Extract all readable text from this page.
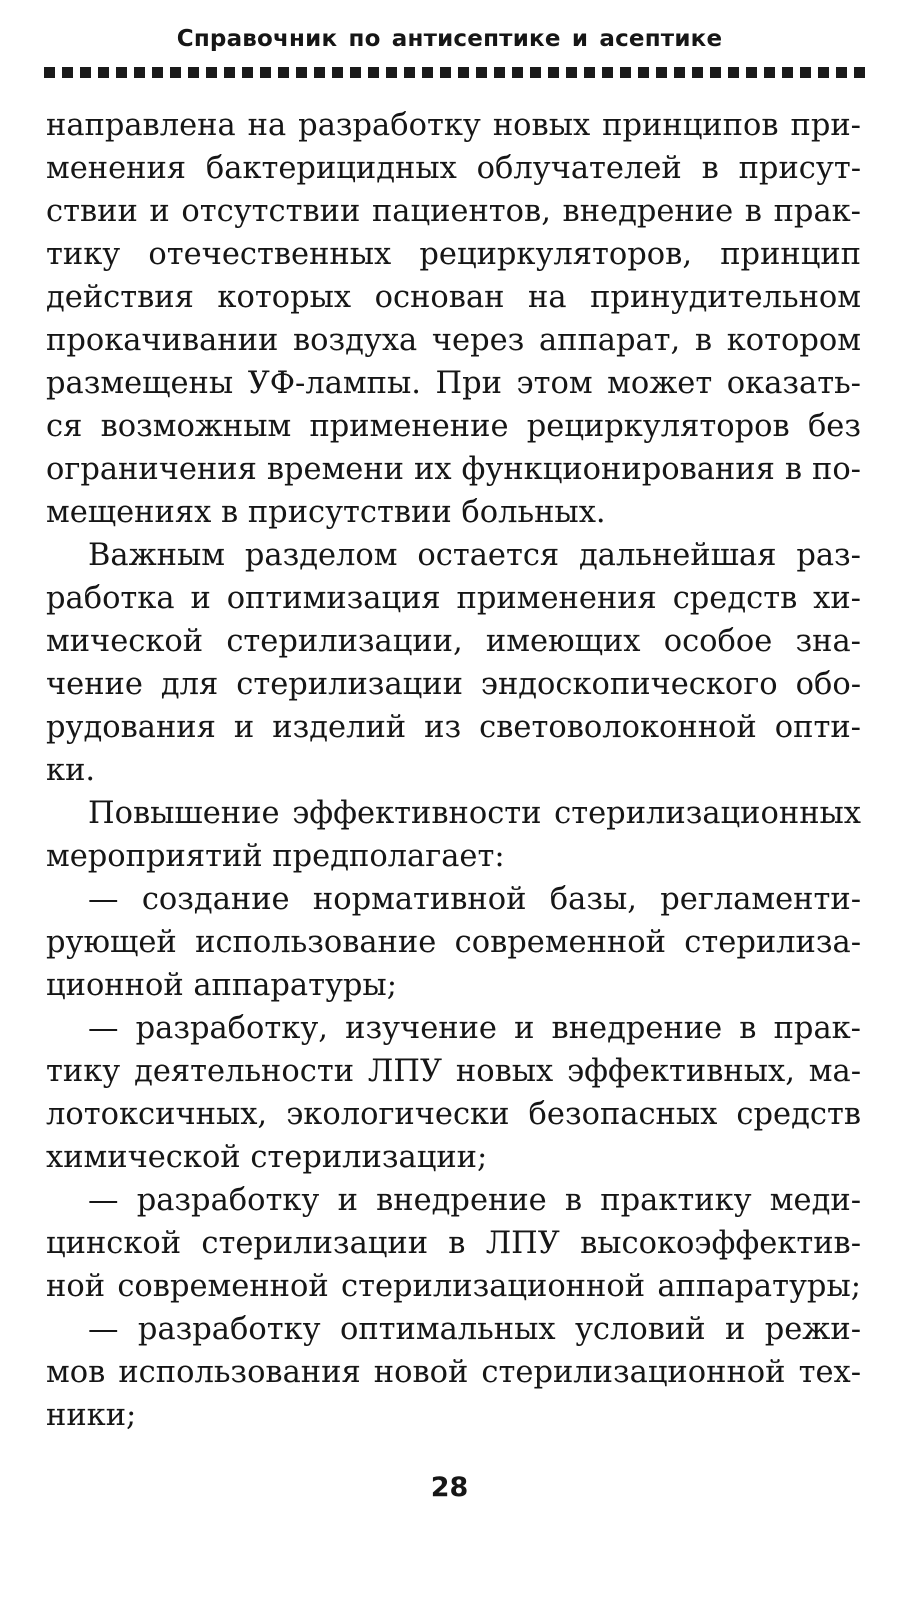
Справочник по антисептике и асептике
направлена на разработку новых принципов при-
менения бактерицидных облучателей в присут-
ствии и отсутствии пациентов, внедрение в прак-
тику отечественных рециркуляторов, принцип
действия которых основан на принудительном
прокачивании воздуха через аппарат, в котором
размещены УФ-лампы. При этом может оказать-
ся возможным применение рециркуляторов без
ограничения времени их функционирования в по-
мещениях в присутствии больных.
Важным разделом остается дальнейшая раз-
работка и оптимизация применения средств хи-
мической стерилизации, имеющих особое зна-
чение для стерилизации эндоскопического обо-
рудования и изделий из световолоконной опти-
ки.
Повышение эффективности стерилизационных
мероприятий предполагает:
— создание нормативной базы, регламенти-
рующей использование современной стерилиза-
ционной аппаратуры;
— разработку, изучение и внедрение в прак-
тику деятельности ЛПУ новых эффективных, ма-
лотоксичных, экологически безопасных средств
химической стерилизации;
— разработку и внедрение в практику меди-
цинской стерилизации в ЛПУ высокоэффектив-
ной современной стерилизационной аппаратуры;
— разработку оптимальных условий и режи-
мов использования новой стерилизационной тех-
ники;
28
